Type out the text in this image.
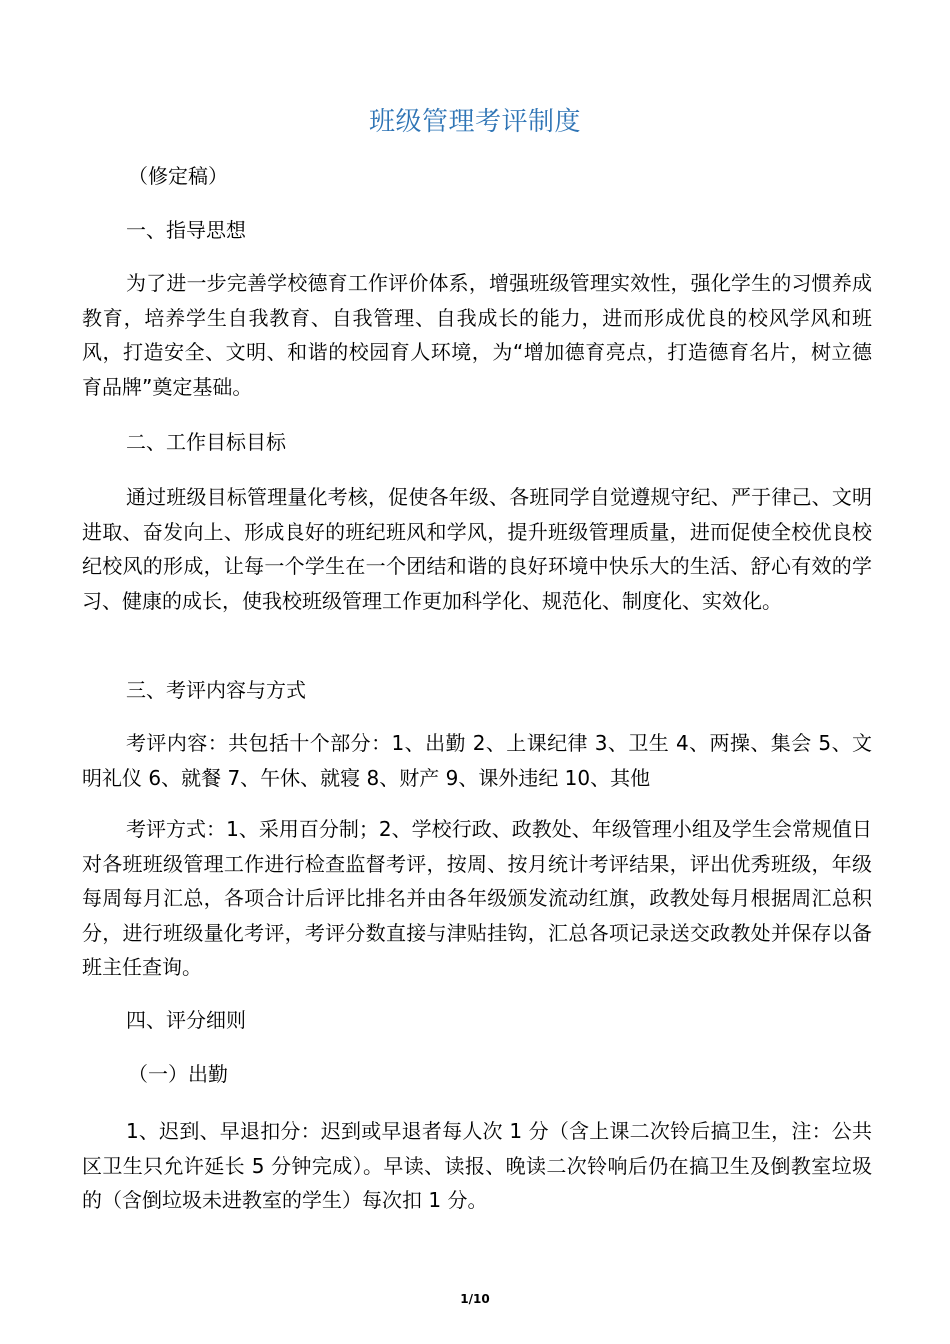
班级管理考评制度
（修定稿）
一、指导思想
为了进一步完善学校德育工作评价体系，增强班级管理实效性，强化学生的习惯养成教育，培养学生自我教育、自我管理、自我成长的能力，进而形成优良的校风学风和班风，打造安全、文明、和谐的校园育人环境，为“增加德育亮点，打造德育名片，树立德育品牌”奠定基础。
二、工作目标目标
通过班级目标管理量化考核，促使各年级、各班同学自觉遵规守纪、严于律己、文明进取、奋发向上、形成良好的班纪班风和学风，提升班级管理质量，进而促使全校优良校纪校风的形成，让每一个学生在一个团结和谐的良好环境中快乐大的生活、舒心有效的学习、健康的成长，使我校班级管理工作更加科学化、规范化、制度化、实效化。
三、考评内容与方式
考评内容：共包括十个部分：1、出勤 2、上课纪律 3、卫生 4、两操、集会 5、文明礼仪 6、就餐 7、午休、就寝 8、财产 9、课外违纪 10、其他
考评方式：1、采用百分制；2、学校行政、政教处、年级管理小组及学生会常规值日对各班班级管理工作进行检查监督考评，按周、按月统计考评结果，评出优秀班级，年级每周每月汇总，各项合计后评比排名并由各年级颁发流动红旗，政教处每月根据周汇总积分，进行班级量化考评，考评分数直接与津贴挂钩，汇总各项记录送交政教处并保存以备班主任查询。
四、评分细则
（一）出勤
1、迟到、早退扣分：迟到或早退者每人次 1 分（含上课二次铃后搞卫生，注：公共区卫生只允许延长 5 分钟完成）。早读、读报、晚读二次铃响后仍在搞卫生及倒教室垃圾的（含倒垃圾未进教室的学生）每次扣 1 分。
1/10
